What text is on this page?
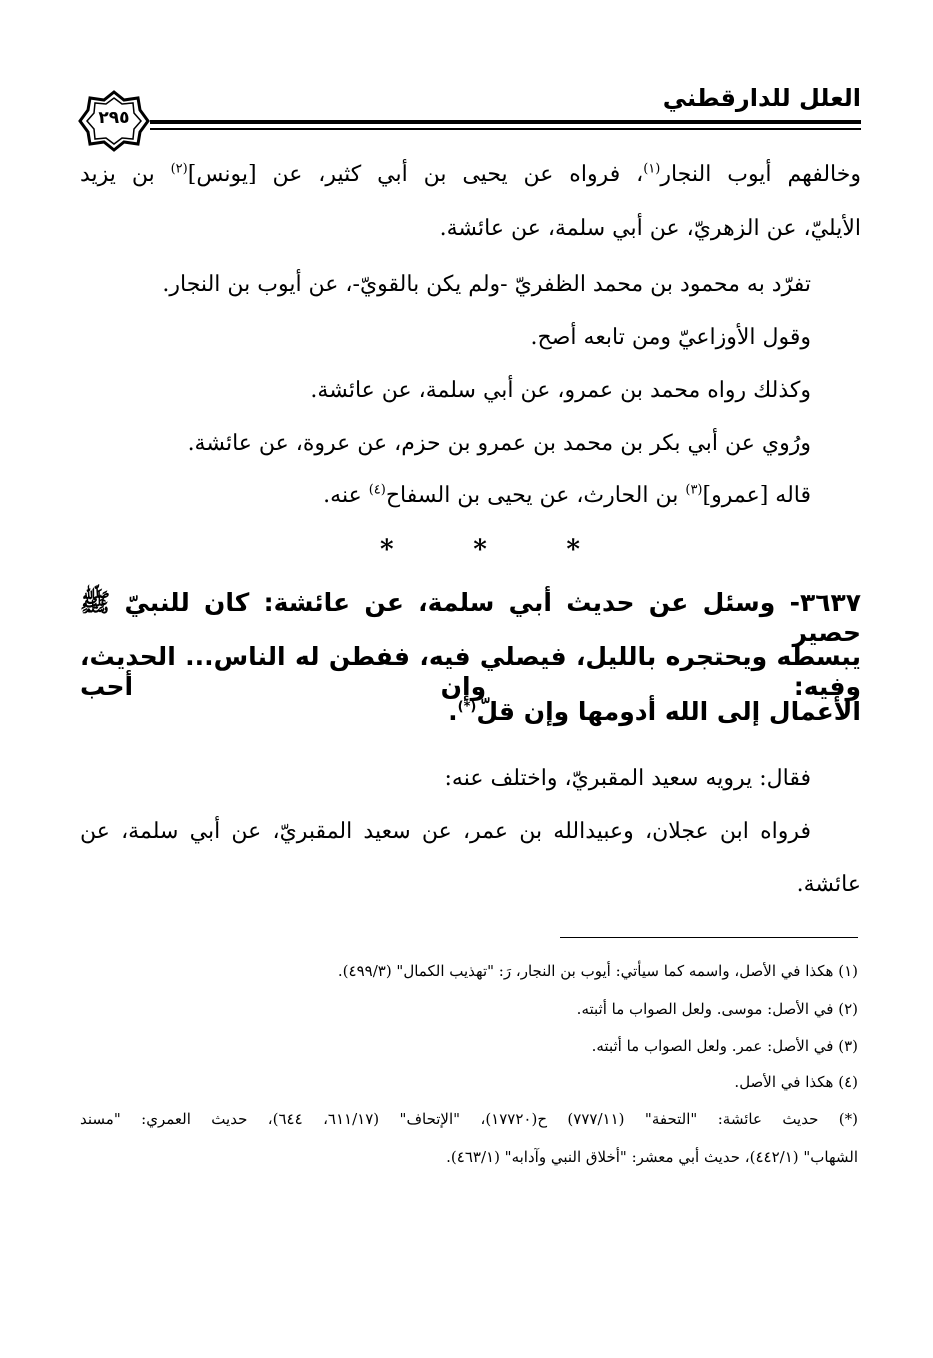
العلل للدارقطني
٢٩٥
وخالفهم أيوب النجار$^{(١)}$، فرواه عن يحيى بن أبي كثير، عن [يونس]$^{(٢)}$ بن يزيد
الأيليّ، عن الزهريّ، عن أبي سلمة، عن عائشة.
تفرّد به محمود بن محمد الظفريّ -ولم يكن بالقويّ-، عن أيوب بن النجار.
وقول الأوزاعيّ ومن تابعه أصح.
وكذلك رواه محمد بن عمرو، عن أبي سلمة، عن عائشة.
ورُوي عن أبي بكر بن محمد بن عمرو بن حزم، عن عروة، عن عائشة.
قاله [عمرو]$^{(٣)}$ بن الحارث، عن يحيى بن السفاح$^{(٤)}$ عنه.
*	*	*
٣٦٣٧- وسئل عن حديث أبي سلمة، عن عائشة: كان للنبيّ ﷺ حصير
يبسطه ويحتجره بالليل، فيصلي فيه، ففطن له الناس... الحديث، وفيه: وإن أحب
الأعمال إلى الله أدومها وإن قلّ(*).
فقال: يرويه سعيد المقبريّ، واختلف عنه:
فرواه ابن عجلان، وعبيدالله بن عمر، عن سعيد المقبريّ، عن أبي سلمة، عن
عائشة.
(١) هكذا في الأصل، واسمه كما سيأتي: أيوب بن النجار، رَ: "تهذيب الكمال" (٤٩٩/٣).
(٢) في الأصل: موسى. ولعل الصواب ما أثبته.
(٣) في الأصل: عمر. ولعل الصواب ما أثبته.
(٤) هكذا في الأصل.
(*) حديث عائشة: "التحفة" (٧٧٧/١١) ح(١٧٧٢٠)، "الإتحاف" (٦١١/١٧، ٦٤٤)، حديث العمري: "مسند
الشهاب" (٤٤٢/١)، حديث أبي معشر: "أخلاق النبي وآدابه" (٤٦٣/١).
